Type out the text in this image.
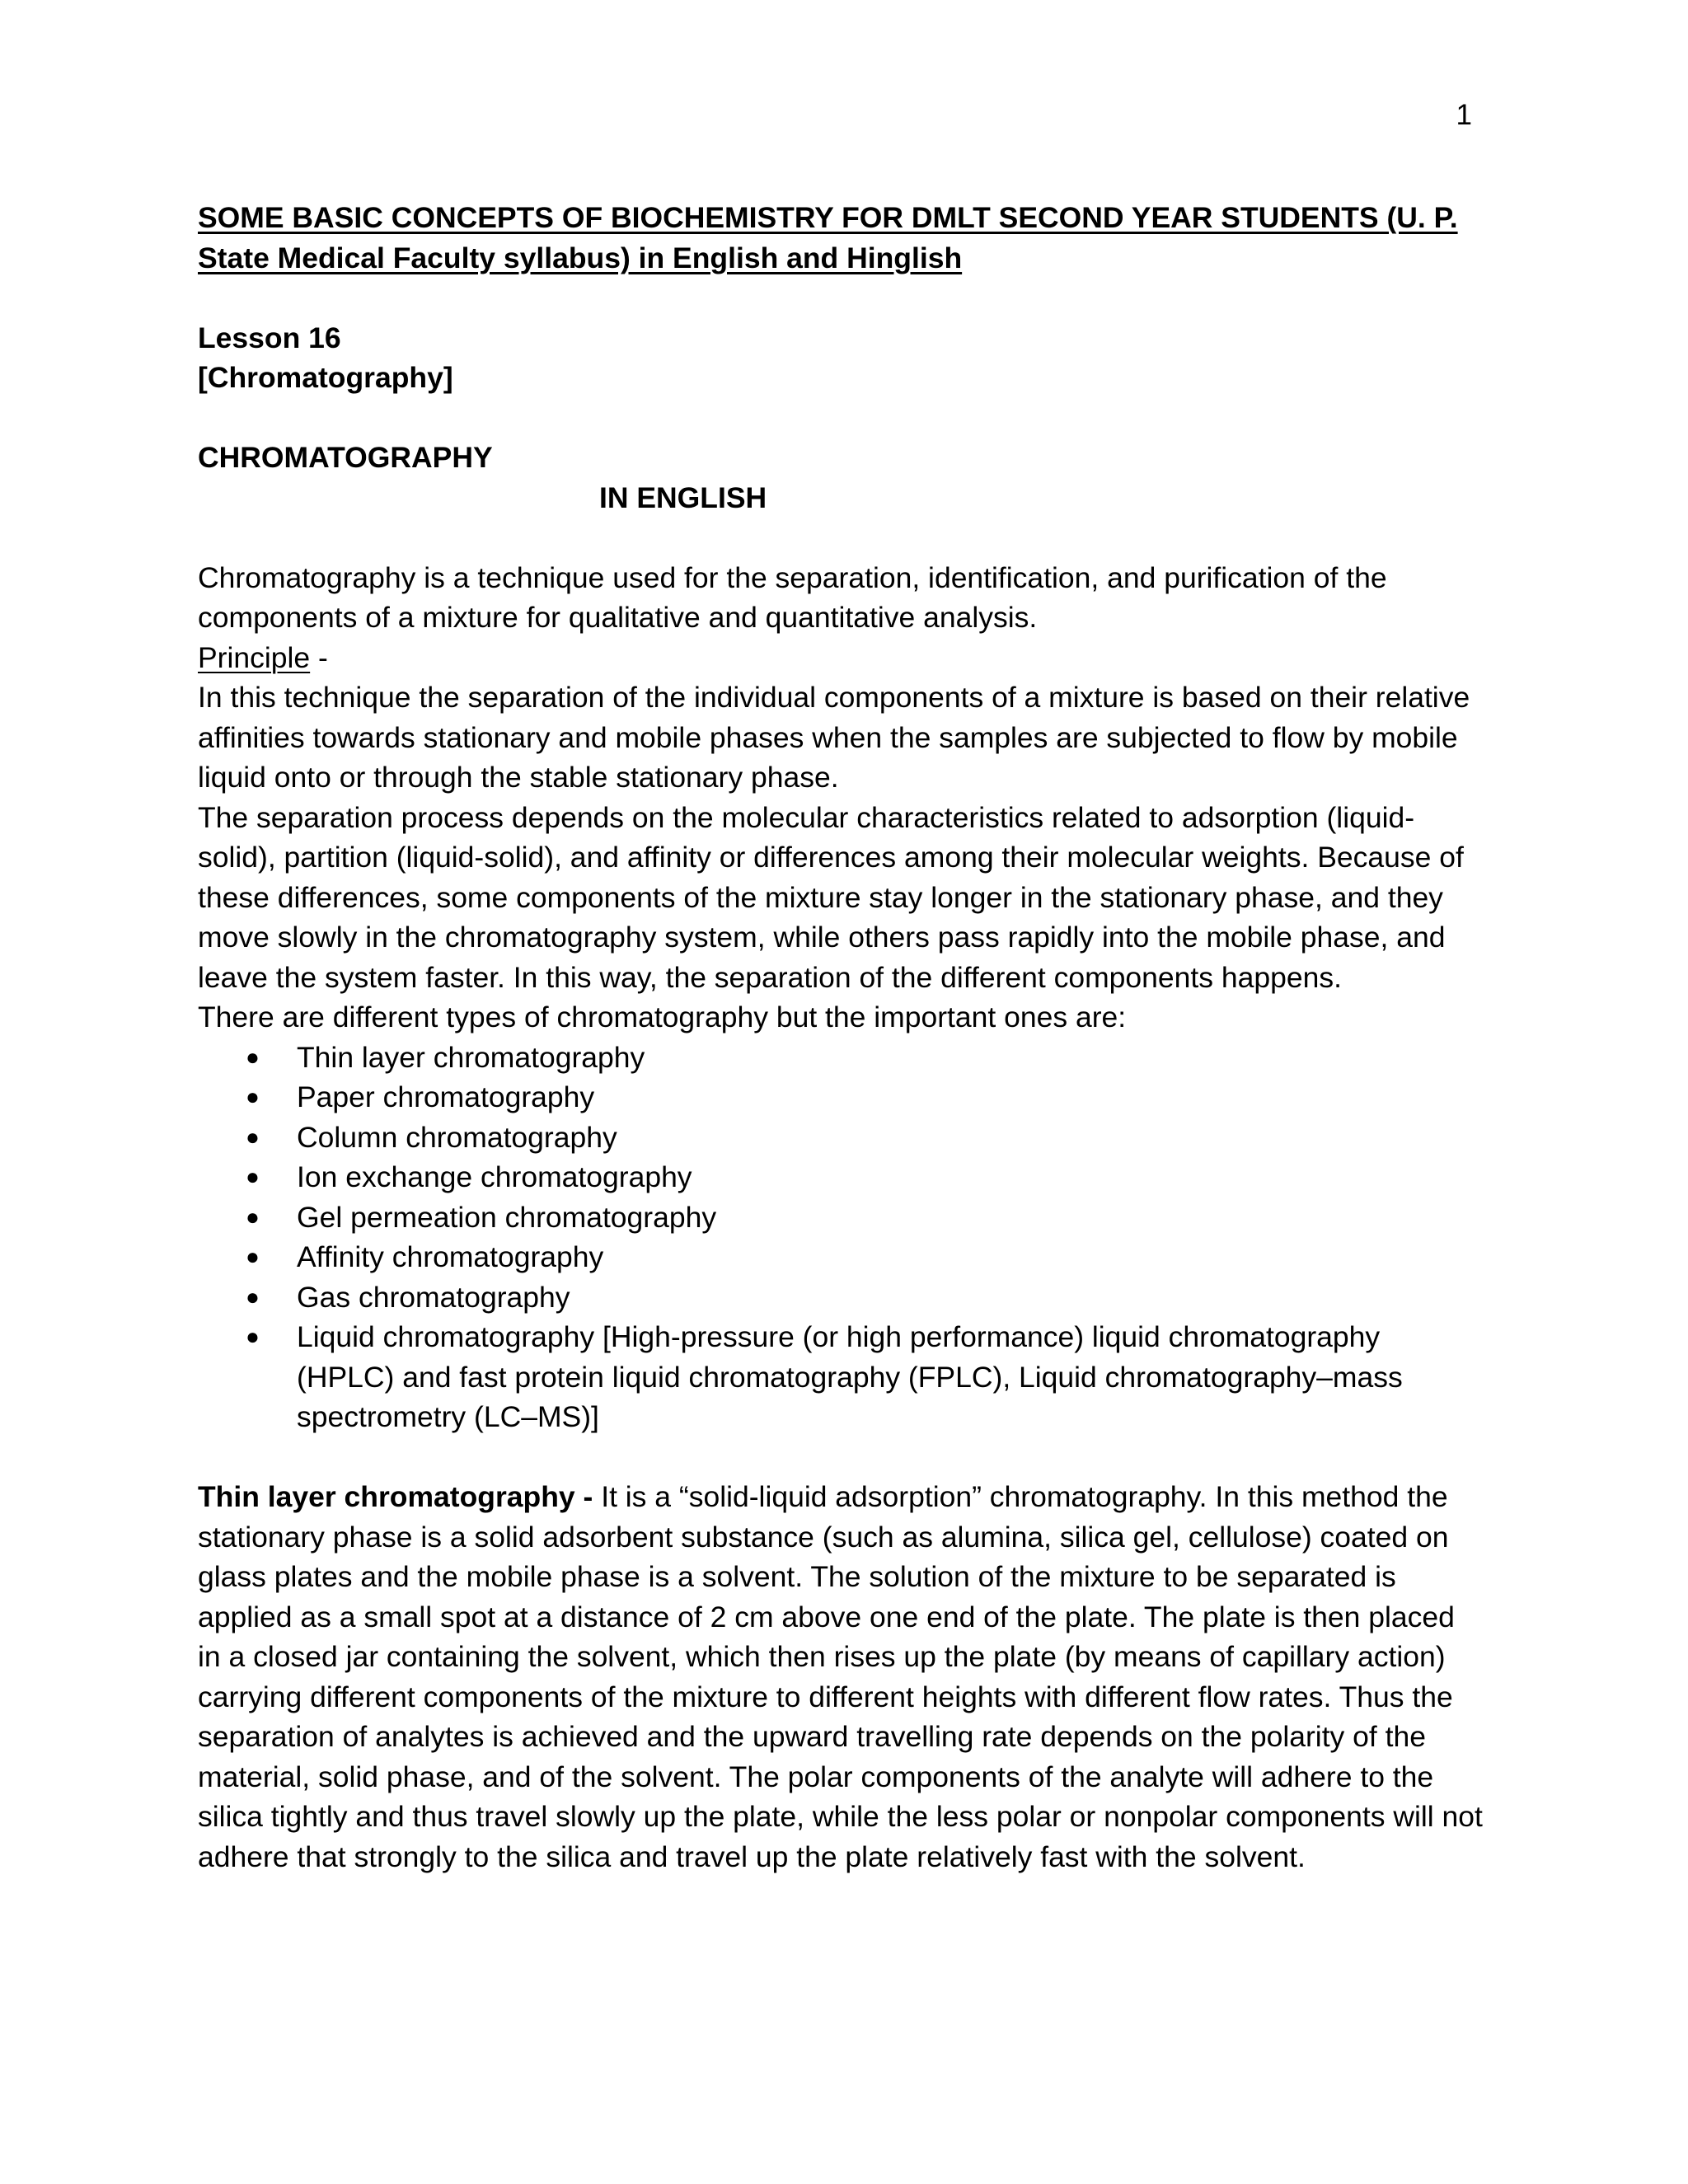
1

SOME BASIC CONCEPTS OF BIOCHEMISTRY FOR DMLT SECOND YEAR STUDENTS (U. P. State Medical Faculty syllabus) in English and Hinglish

Lesson 16

[Chromatography]

CHROMATOGRAPHY

IN ENGLISH

Chromatography is a technique used for the separation, identification, and purification of the components of a mixture for qualitative and quantitative analysis.

Principle -

In this technique the separation of the individual components of a mixture is based on their relative affinities towards stationary and mobile phases when the samples are subjected to flow by mobile liquid onto or through the stable stationary phase.

The separation process depends on the molecular characteristics related to adsorption (liquid-solid), partition (liquid-solid), and affinity or differences among their molecular weights. Because of these differences, some components of the mixture stay longer in the stationary phase, and they move slowly in the chromatography system, while others pass rapidly into the mobile phase, and leave the system faster. In this way, the separation of the different components happens.

There are different types of chromatography but the important ones are:

● Thin layer chromatography
● Paper chromatography
● Column chromatography
● Ion exchange chromatography
● Gel permeation chromatography
● Affinity chromatography
● Gas chromatography
● Liquid chromatography [High-pressure (or high performance) liquid chromatography (HPLC) and fast protein liquid chromatography (FPLC), Liquid chromatography–mass spectrometry (LC–MS)]

Thin layer chromatography - It is a “solid-liquid adsorption” chromatography. In this method the stationary phase is a solid adsorbent substance (such as alumina, silica gel, cellulose) coated on glass plates and the mobile phase is a solvent. The solution of the mixture to be separated is applied as a small spot at a distance of 2 cm above one end of the plate. The plate is then placed in a closed jar containing the solvent, which then rises up the plate (by means of capillary action) carrying different components of the mixture to different heights with different flow rates. Thus the separation of analytes is achieved and the upward travelling rate depends on the polarity of the material, solid phase, and of the solvent. The polar components of the analyte will adhere to the silica tightly and thus travel slowly up the plate, while the less polar or nonpolar components will not adhere that strongly to the silica and travel up the plate relatively fast with the solvent.
